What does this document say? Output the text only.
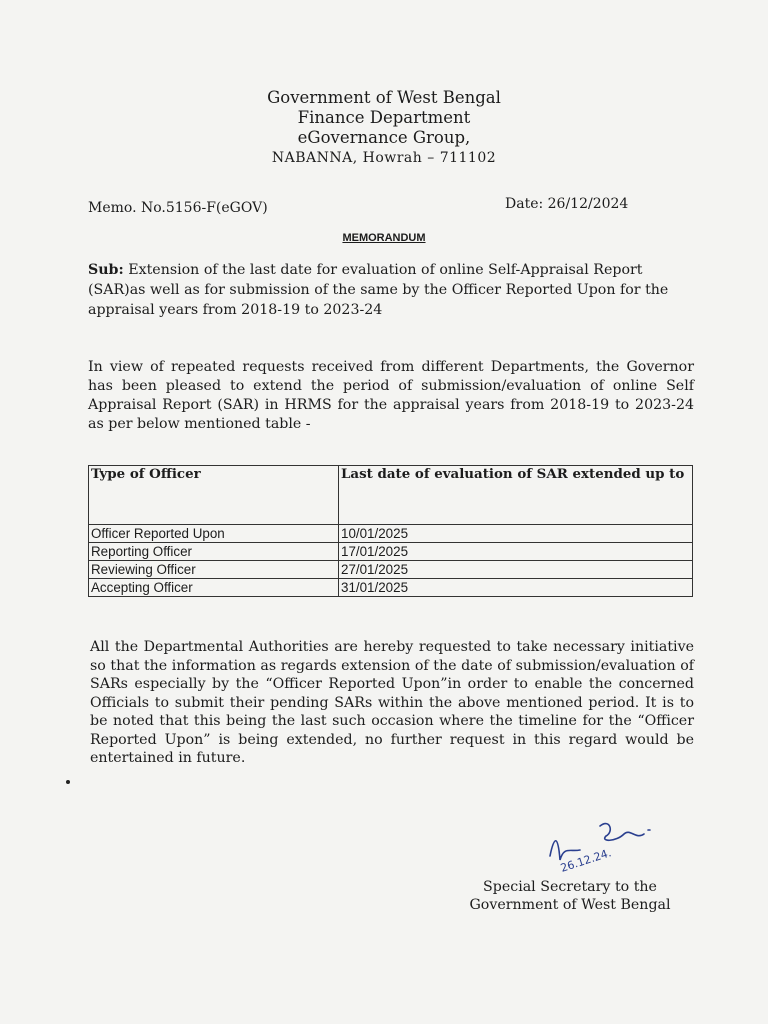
Government of West Bengal
Finance Department
eGovernance Group,
NABANNA, Howrah – 711102
Memo. No.5156-F(eGOV)	Date: 26/12/2024
MEMORANDUM
Sub: Extension of the last date for evaluation of online Self-Appraisal Report (SAR)as well as for submission of the same by the Officer Reported Upon for the appraisal years from 2018-19 to 2023-24
In view of repeated requests received from different Departments, the Governor has been pleased to extend the period of submission/evaluation of online Self Appraisal Report (SAR) in HRMS for the appraisal years from 2018-19 to 2023-24 as per below mentioned table -
Type of Officer	Last date of evaluation of SAR extended up to
Officer Reported Upon	10/01/2025
Reporting Officer	17/01/2025
Reviewing Officer	27/01/2025
Accepting Officer	31/01/2025
All the Departmental Authorities are hereby requested to take necessary initiative so that the information as regards extension of the date of submission/evaluation of SARs especially by the “Officer Reported Upon”in order to enable the concerned Officials to submit their pending SARs within the above mentioned period. It is to be noted that this being the last such occasion where the timeline for the “Officer Reported Upon” is being extended, no further request in this regard would be entertained in future.
26.12.24.
Special Secretary to the
Government of West Bengal
